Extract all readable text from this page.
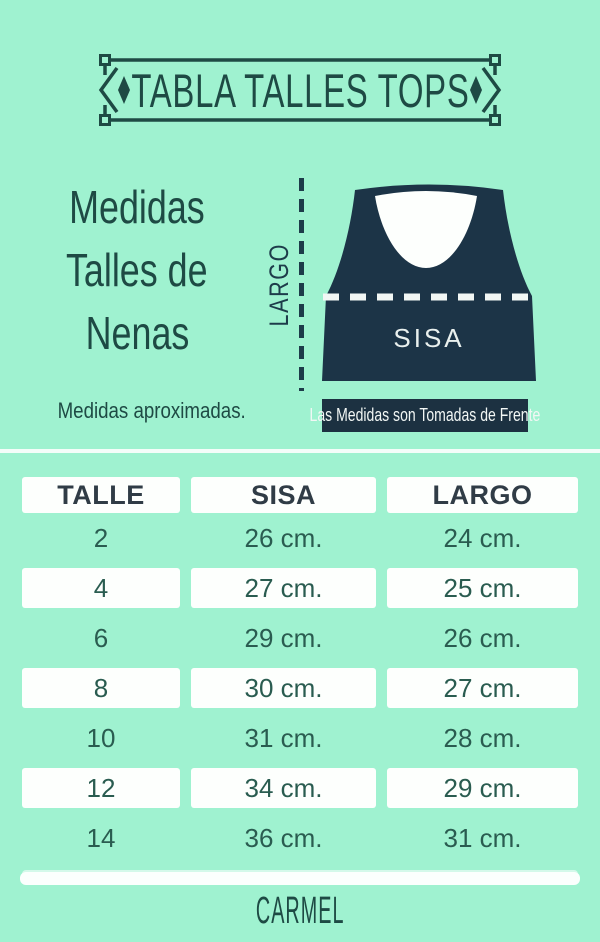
TABLA TALLES TOPS
Medidas
Talles de
Nenas
Medidas aproximadas.
LARGO
SISA
Las Medidas son Tomadas de Frente
TALLE	SISA	LARGO
2	26 cm.	24 cm.
4	27 cm.	25 cm.
6	29 cm.	26 cm.
8	30 cm.	27 cm.
10	31 cm.	28 cm.
12	34 cm.	29 cm.
14	36 cm.	31 cm.
CARMEL
